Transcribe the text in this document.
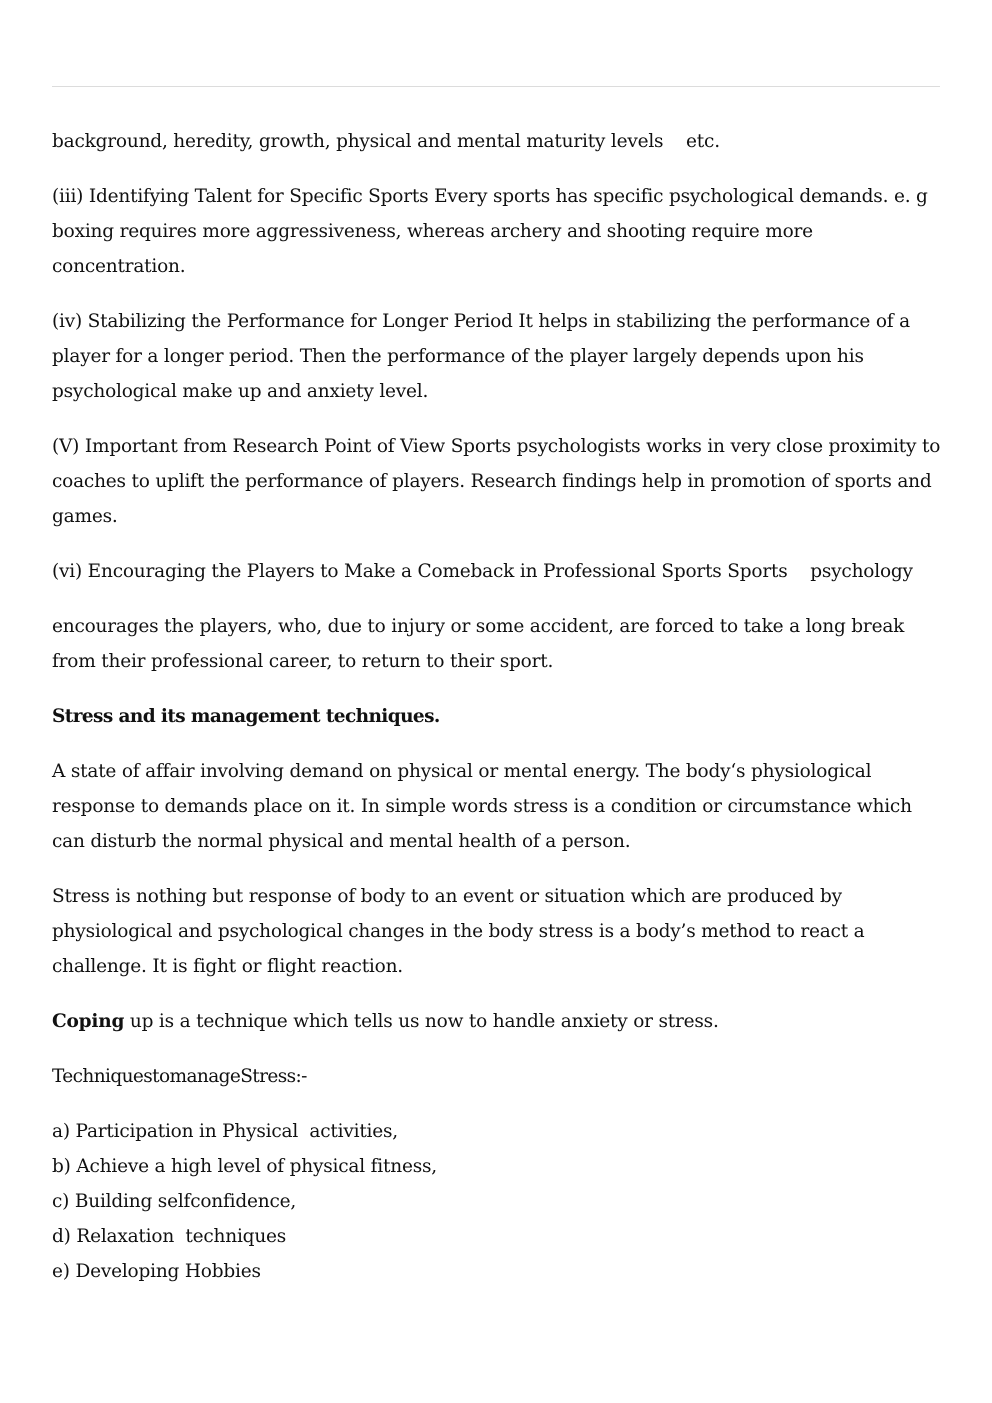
background, heredity, growth, physical and mental maturity levels    etc.

(iii) Identifying Talent for Specific Sports Every sports has specific psychological demands. e. g boxing requires more aggressiveness, whereas archery and shooting require more concentration.

(iv) Stabilizing the Performance for Longer Period It helps in stabilizing the performance of a player for a longer period. Then the performance of the player largely depends upon his psychological make up and anxiety level.

(V) Important from Research Point of View Sports psychologists works in very close proximity to coaches to uplift the performance of players. Research findings help in promotion of sports and games.

(vi) Encouraging the Players to Make a Comeback in Professional Sports Sports    psychology

encourages the players, who, due to injury or some accident, are forced to take a long break from their professional career, to return to their sport.

Stress and its management techniques.

A state of affair involving demand on physical or mental energy. The body‘s physiological response to demands place on it. In simple words stress is a condition or circumstance which can disturb the normal physical and mental health of a person.

Stress is nothing but response of body to an event or situation which are produced by physiological and psychological changes in the body stress is a body’s method to react a challenge. It is fight or flight reaction.

Coping up is a technique which tells us now to handle anxiety or stress.

TechniquestomanageStress:-

a) Participation in Physical  activities,
b) Achieve a high level of physical fitness,
c) Building selfconfidence,
d) Relaxation  techniques
e) Developing Hobbies
